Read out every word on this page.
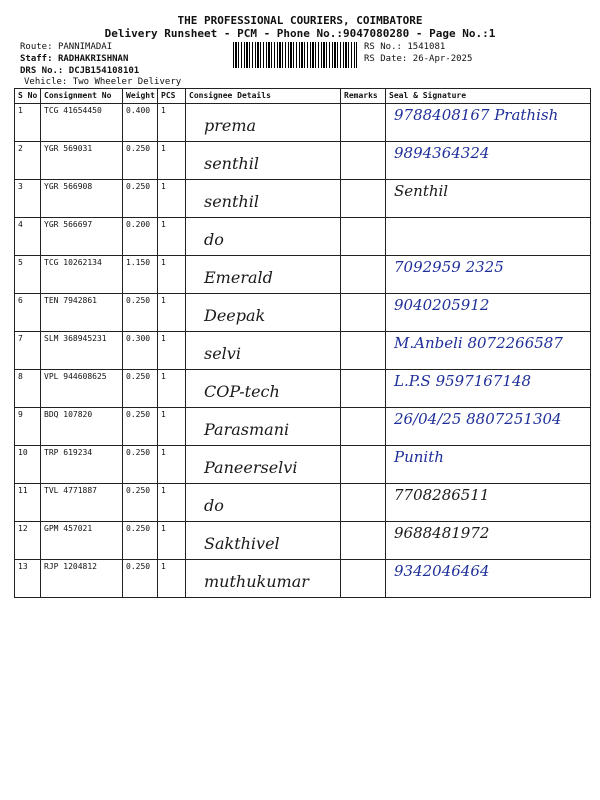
THE PROFESSIONAL COURIERS, COIMBATORE
Delivery Runsheet - PCM - Phone No.:9047080280 - Page No.:1
Route: PANNIMADAI
Staff: RADHAKRISHNAN
DRS No.: DCJB154108101
Vehicle: Two Wheeler Delivery
RS No.: 1541081
RS Date: 26-Apr-2025
S No	Consignment No	Weight	PCS	Consignee Details	Remarks	Seal & Signature
1	TCG 41654450	0.400	1	prema		9788408167 Prathish

2	YGR 569031	0.250	1	senthil		9894364324

3	YGR 566908	0.250	1	senthil		Senthil

4	YGR 566697	0.200	1	do		

5	TCG 10262134	1.150	1	Emerald		7092959 2325

6	TEN 7942861	0.250	1	Deepak		9040205912

7	SLM 368945231	0.300	1	selvi		M.Anbeli 8072266587

8	VPL 944608625	0.250	1	COP-tech		L.P.S 9597167148

9	BDQ 107820	0.250	1	Parasmani		26/04/25 8807251304

10	TRP 619234	0.250	1	Paneerselvi		Punith

11	TVL 4771887	0.250	1	do		7708286511

12	GPM 457021	0.250	1	Sakthivel		9688481972

13	RJP 1204812	0.250	1	muthukumar		9342046464
